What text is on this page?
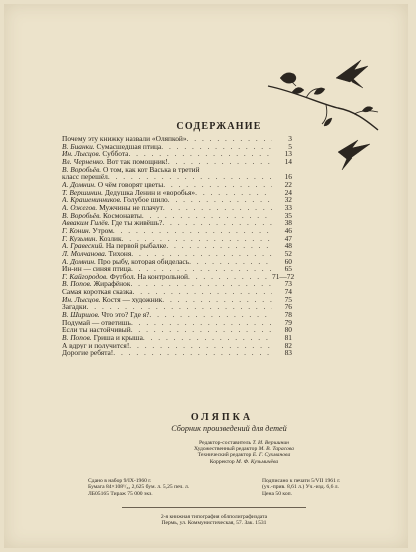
СОДЕРЖАНИЕ
Почему эту книжку назвали «Оляпкой» . . .	3
В. Бианки. Сумасшедшая птица . . .	5
Ин. Лысцов. Суббота . . .	13
Вл. Черненко. Вот так помощник! . . .	14
В. Воробьёв. О том, как кот Васька в третий
класс перешёл . . .	16
А. Домнин. О чём говорят цветы . . .	22
Т. Вершинин. Дедушка Ленин и «воробья» . . .	24
А. Крашенинников. Голубое шило . . .	32
А. Ожегов. Мужчины не плачут . . .	33
В. Воробьёв. Космонавты . . .	35
Авваким Гилёв. Где ты живёшь? . . .	38
Г. Конин. Утром . . .	46
Г. Кузьмин. Козлик . . .	47
А. Гравеский. На первой рыбалке . . .	48
Л. Молчанова. Тихоня . . .	52
А. Домнин. Про рыбу, которая обиделась . . .	60
Ин-ин — синяя птица . . .	65
Г. Кайгородов. Футбол. На контрольной . . .	71—72
В. Попов. Жирафёнок . . .	73
Самая короткая сказка . . .	74
Ин. Лысцов. Костя — художник . . .	75
Загадки . . .	76
В. Ширшов. Что это? Где я? . . .	78
Подумай — ответишь . . .	79
Если ты настойчивый . . .	80
В. Попов. Гриша и крыша . . .	81
А вдруг и получится! . . .	82
Дорогие ребята! . . .	83
ОЛЯПКА
Сборник произведений для детей
Редактор-составитель Т. И. Вершинин
Художественный редактор М. В. Тарасова
Технический редактор Е. Г. Сухманова
Корректор М. Ф. Кузьмичёва
Сдано в набор 9/IX-1960 г.
Бумага 84×108¹/₃₂ 2,625 бум. л. 5,25 печ. л.
ЛБ05165 Тираж 75 000 экз.
Подписано к печати 5/VII 1961 г.
(уч.-прив. 8,61 л.) Уч.-изд. 6,6 л.
Цена 50 коп.
2-я книжная типография облполиграфиздата
Пермь, ул. Коммунистическая, 57. Зак. 1531
